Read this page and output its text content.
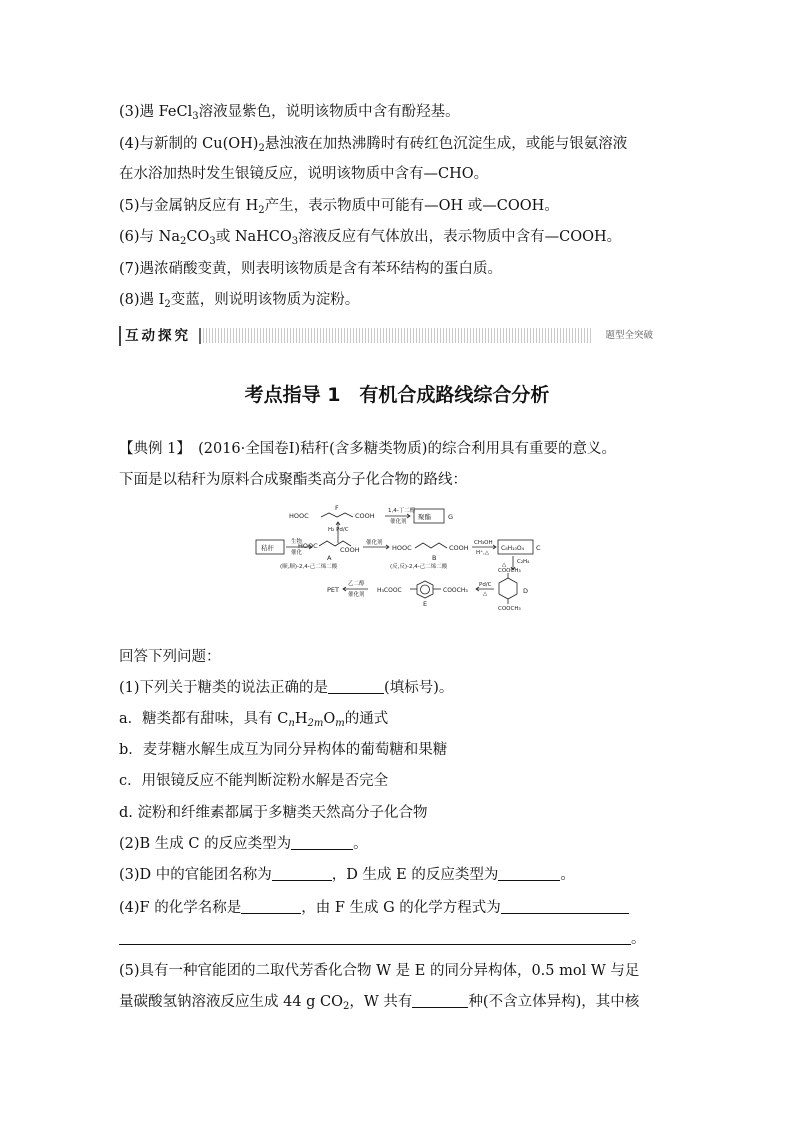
(3)遇 FeCl$_3$溶液显紫色，说明该物质中含有酚羟基。
(4)与新制的 $Cu(OH)_2$悬浊液在加热沸腾时有砖红色沉淀生成，或能与银氨溶液
在水浴加热时发生银镜反应，说明该物质中含有—CHO。
(5)与金属钠反应有 $H_2$产生，表示物质中可能有—OH 或—COOH。
(6)与 $Na_2CO_3$或 NaHCO$_3$溶液反应有气体放出，表示物质中含有—COOH。
(7)遇浓硝酸变黄，则表明该物质是含有苯环结构的蛋白质。
(8)遇 $I_2$变蓝，则说明该物质为淀粉。
互动探究	题型全突破
考点指导 1　有机合成路线综合分析
【典例 1】　(2016·全国卷Ⅰ)秸秆(含多糖类物质)的综合利用具有重要的意义。
下面是以秸秆为原料合成聚酯类高分子化合物的路线：
HOOC
F
COOH
1,4-丁二醇
催化剂
聚酯	G
H₂ Pd/C
秸秆
生物
催化
HOOC	COOH
A
催化剂
HOOC	COOH
B
CH₃OH
H⁺,△
C₈H₁₀O₄ C
(顺,顺)-2,4-己二烯二酸	(反,反)-2,4-己二烯二酸
C₂H₄
△
COOCH₃
COOCH₃
D
Pd/C
△
COOCH₃
H₃COOC
E
乙二醇
催化剂
PET
回答下列问题：
(1)下列关于糖类的说法正确的是	(填标号)。
a．糖类都有甜味，具有 $C_nH_{2m}O_m$的通式
b．麦芽糖水解生成互为同分异构体的葡萄糖和果糖
c．用银镜反应不能判断淀粉水解是否完全
d. 淀粉和纤维素都属于多糖类天然高分子化合物
(2)B 生成 C 的反应类型为	。
(3)D 中的官能团名称为	，D 生成 E 的反应类型为	。
(4)F 的化学名称是	，由 F 生成 G 的化学方程式为
。
(5)具有一种官能团的二取代芳香化合物 W 是 E 的同分异构体，0.5 mol W 与足
量碳酸氢钠溶液反应生成 44 g $CO_2$，W 共有	种(不含立体异构)，其中核
